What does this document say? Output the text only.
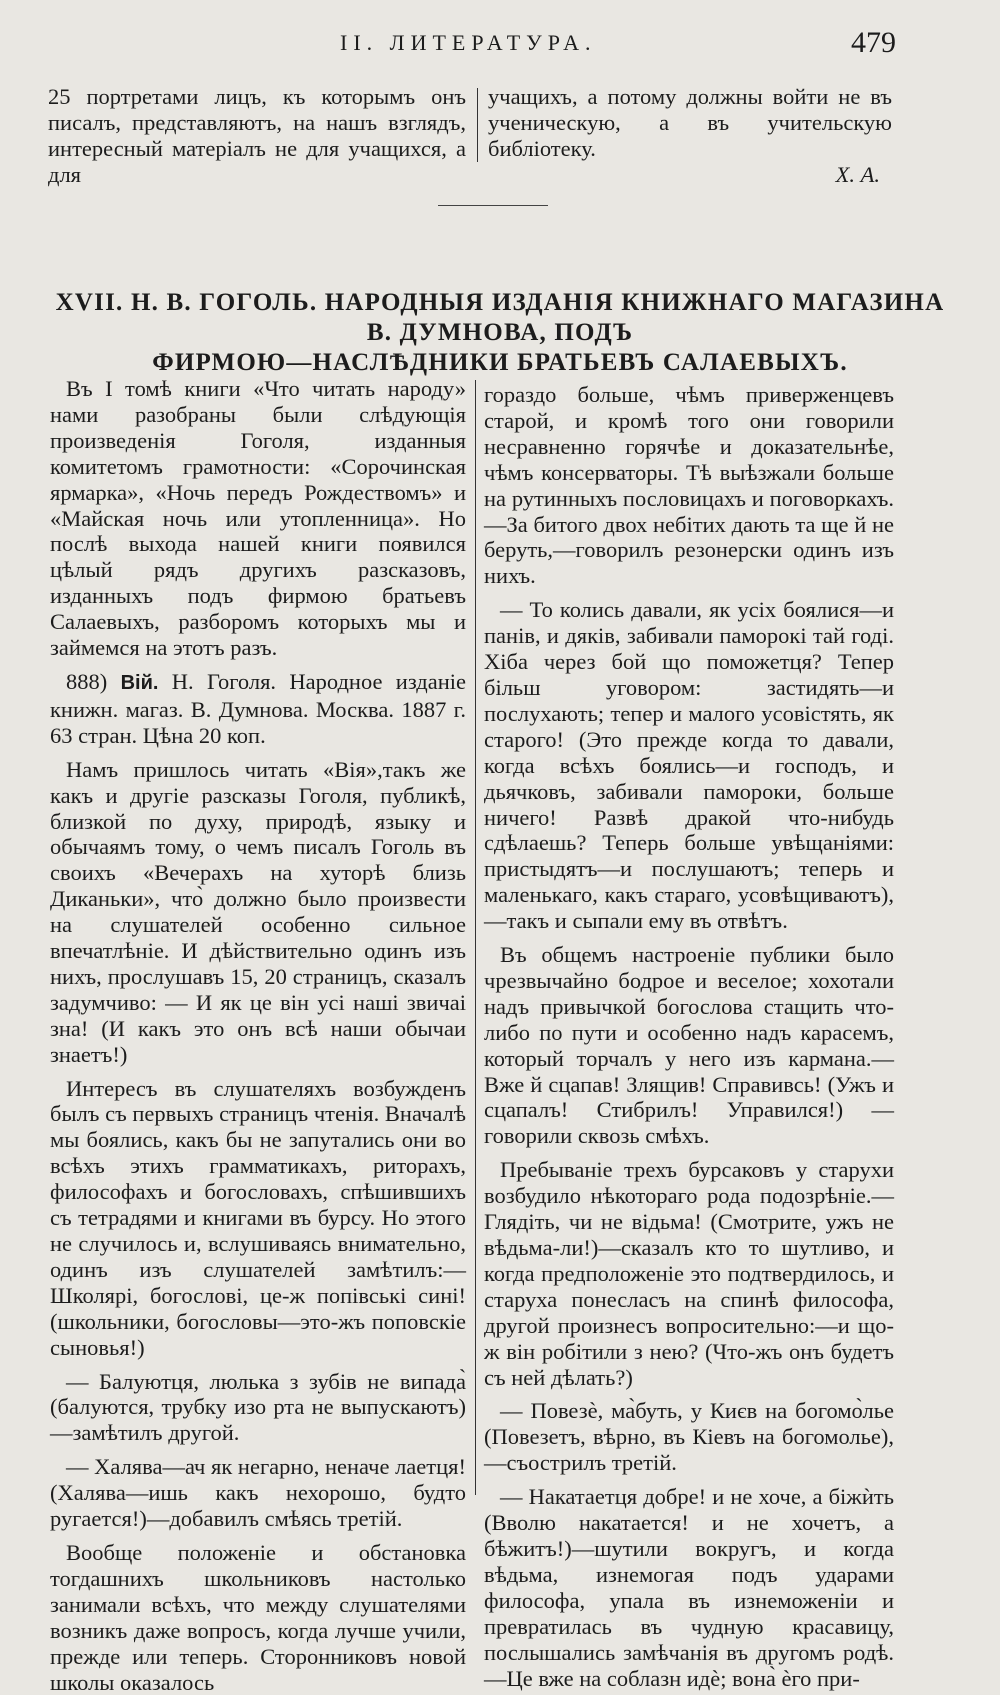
II. ЛИТЕРАТУРА.	479

25 портретами лицъ, къ которымъ онъ писалъ, представляютъ, на нашъ взглядъ, интересный матеріалъ не для учащихся, а для

учащихъ, а потому должны войти не въ ученическую, а въ учительскую библіотеку.

Х. А.

XVII. Н. В. ГОГОЛЬ. НАРОДНЫЯ ИЗДАНІЯ КНИЖНАГО МАГАЗИНА В. ДУМНОВА, ПОДЪ

ФИРМОЮ—НАСЛѢДНИКИ БРАТЬЕВЪ САЛАЕВЫХЪ.

Въ I томѣ книги «Что читать народу» нами разобраны были слѣдующія произведенія Гоголя, изданныя комитетомъ грамотности: «Сорочинская ярмарка», «Ночь передъ Рождествомъ» и «Майская ночь или утопленница». Но послѣ выхода нашей книги появился цѣлый рядъ другихъ разсказовъ, изданныхъ подъ фирмою братьевъ Салаевыхъ, разборомъ которыхъ мы и займемся на этотъ разъ.

888) Вій. Н. Гоголя. Народное изданіе книжн. магаз. В. Думнова. Москва. 1887 г. 63 стран. Цѣна 20 коп.

Намъ пришлось читать «Вія»,такъ же какъ и другіе разсказы Гоголя, публикѣ, близкой по духу, природѣ, языку и обычаямъ тому, о чемъ писалъ Гоголь въ своихъ «Вечерахъ на хуторѣ близь Диканьки», что̀ должно было произвести на слушателей особенно сильное впечатлѣніе. И дѣйствительно одинъ изъ нихъ, прослушавъ 15, 20 страницъ, сказалъ задумчиво: — И як це він усі наші звичаі зна! (И какъ это онъ всѣ наши обычаи знаетъ!)

Интересъ въ слушателяхъ возбужденъ былъ съ первыхъ страницъ чтенія. Вначалѣ мы боялись, какъ бы не запутались они во всѣхъ этихъ грамматикахъ, риторахъ, философахъ и богословахъ, спѣшившихъ съ тетрадями и книгами въ бурсу. Но этого не случилось и, вслушиваясь внимательно, одинъ изъ слушателей замѣтилъ:—Школярі, богословi, це-ж попівські синi! (школьники, богословы—это-жъ поповскіе сыновья!)

— Балуютця, люлька з зубів не випада̀ (балуются, трубку изо рта не выпускаютъ)—замѣтилъ другой.

— Халява—ач як негарно, неначе лаетця! (Халява—ишь какъ нехорошо, будто ругается!)—добавилъ смѣясь третій.

Вообще положеніе и обстановка тогдашнихъ школьниковъ настолько занимали всѣхъ, что между слушателями возникъ даже вопросъ, когда лучше учили, прежде или теперь. Сторонниковъ новой школы оказалось

гораздо больше, чѣмъ приверженцевъ старой, и кромѣ того они говорили несравненно горячѣе и доказательнѣе, чѣмъ консерваторы. Тѣ выѣзжали больше на рутинныхъ пословицахъ и поговоркахъ.—За битого двох небітих дають та ще й не беруть,—говорилъ резонерски одинъ изъ нихъ.

— То колись давали, як усіх боялися—и панів, и дяків, забивали паморокі тай годі. Хіба через бой що поможетця? Тепер більш уговором: застидять—и послухають; тепер и малого усовістять, як старого! (Это прежде когда то давали, когда всѣхъ боялись—и господъ, и дьячковъ, забивали памороки, больше ничего! Развѣ дракой что-нибудь сдѣлаешь? Теперь больше увѣщаніями: пристыдятъ—и послушаютъ; теперь и маленькаго, какъ стараго, усовѣщиваютъ),—такъ и сыпали ему въ отвѣтъ.

Въ общемъ настроеніе публики было чрезвычайно бодрое и веселое; хохотали надъ привычкой богослова стащить что-либо по пути и особенно надъ карасемъ, который торчалъ у него изъ кармана.—Вже й сцапав! Злящив! Справивсь! (Ужъ и сцапалъ! Стибрилъ! Управился!) — говорили сквозь смѣхъ.

Пребываніе трехъ бурсаковъ у старухи возбудило нѣкотораго рода подозрѣніе.—Глядіть, чи не відьма! (Смотрите, ужъ не вѣдьма-ли!)—сказалъ кто то шутливо, и когда предположеніе это подтвердилось, и старуха понесласъ на спинѣ философа, другой произнесъ вопросительно:—и що-ж він робітили з нею? (Что-жъ онъ будетъ съ ней дѣлать?)

— Повезѐ, ма̀буть, у Києв на богомо̀лье (Повезетъ, вѣрно, въ Кіевъ на богомолье),—съострилъ третій.

— Накатаетця добре! и не хоче, а біжѝть (Вволю накатается! и не хочетъ, а бѣжитъ!)—шутили вокругъ, и когда вѣдьма, изнемогая подъ ударами философа, упала въ изнеможеніи и превратилась въ чудную красавицу, послышались замѣчанія въ другомъ родѣ.—Це вже на соблазн идѐ; вона̀ ѐго при-
